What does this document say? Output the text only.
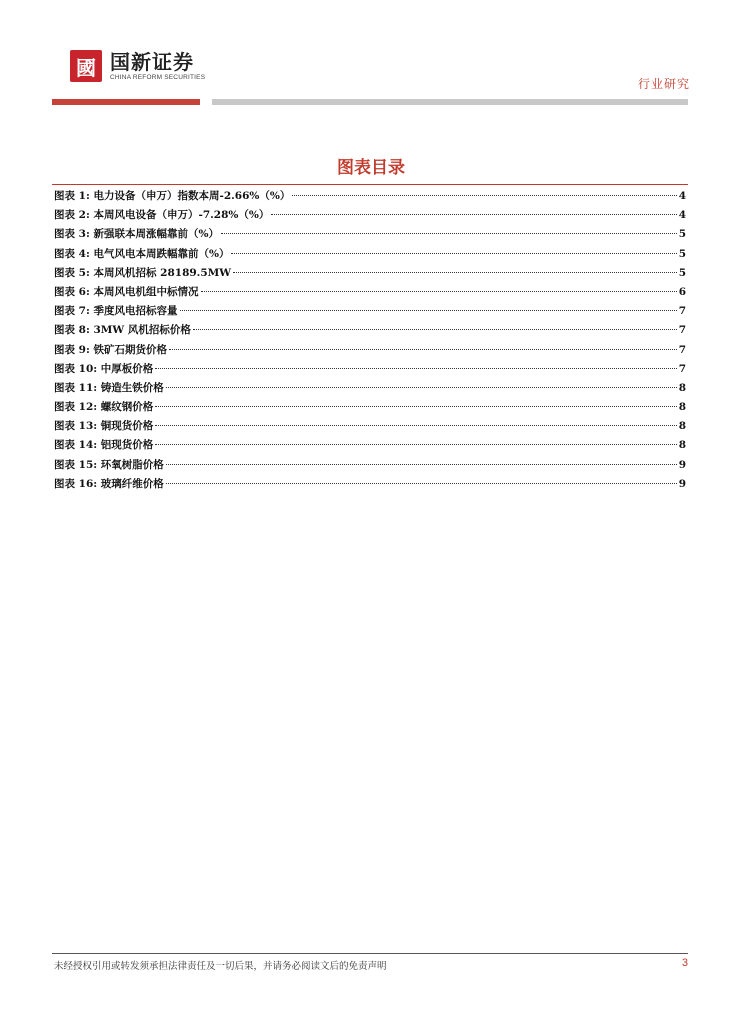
國 国新证券
CHINA REFORM SECURITIES	行业研究
图表目录
图表 1: 电力设备（申万）指数本周-2.66%（%）	4
图表 2: 本周风电设备（申万）-7.28%（%）	4
图表 3: 新强联本周涨幅靠前（%）	5
图表 4: 电气风电本周跌幅靠前（%）	5
图表 5: 本周风机招标 28189.5MW	5
图表 6: 本周风电机组中标情况	6
图表 7: 季度风电招标容量	7
图表 8: 3MW 风机招标价格	7
图表 9: 铁矿石期货价格	7
图表 10: 中厚板价格	7
图表 11: 铸造生铁价格	8
图表 12: 螺纹钢价格	8
图表 13: 铜现货价格	8
图表 14: 铝现货价格	8
图表 15: 环氧树脂价格	9
图表 16: 玻璃纤维价格	9
未经授权引用或转发须承担法律责任及一切后果，并请务必阅读文后的免责声明	3
